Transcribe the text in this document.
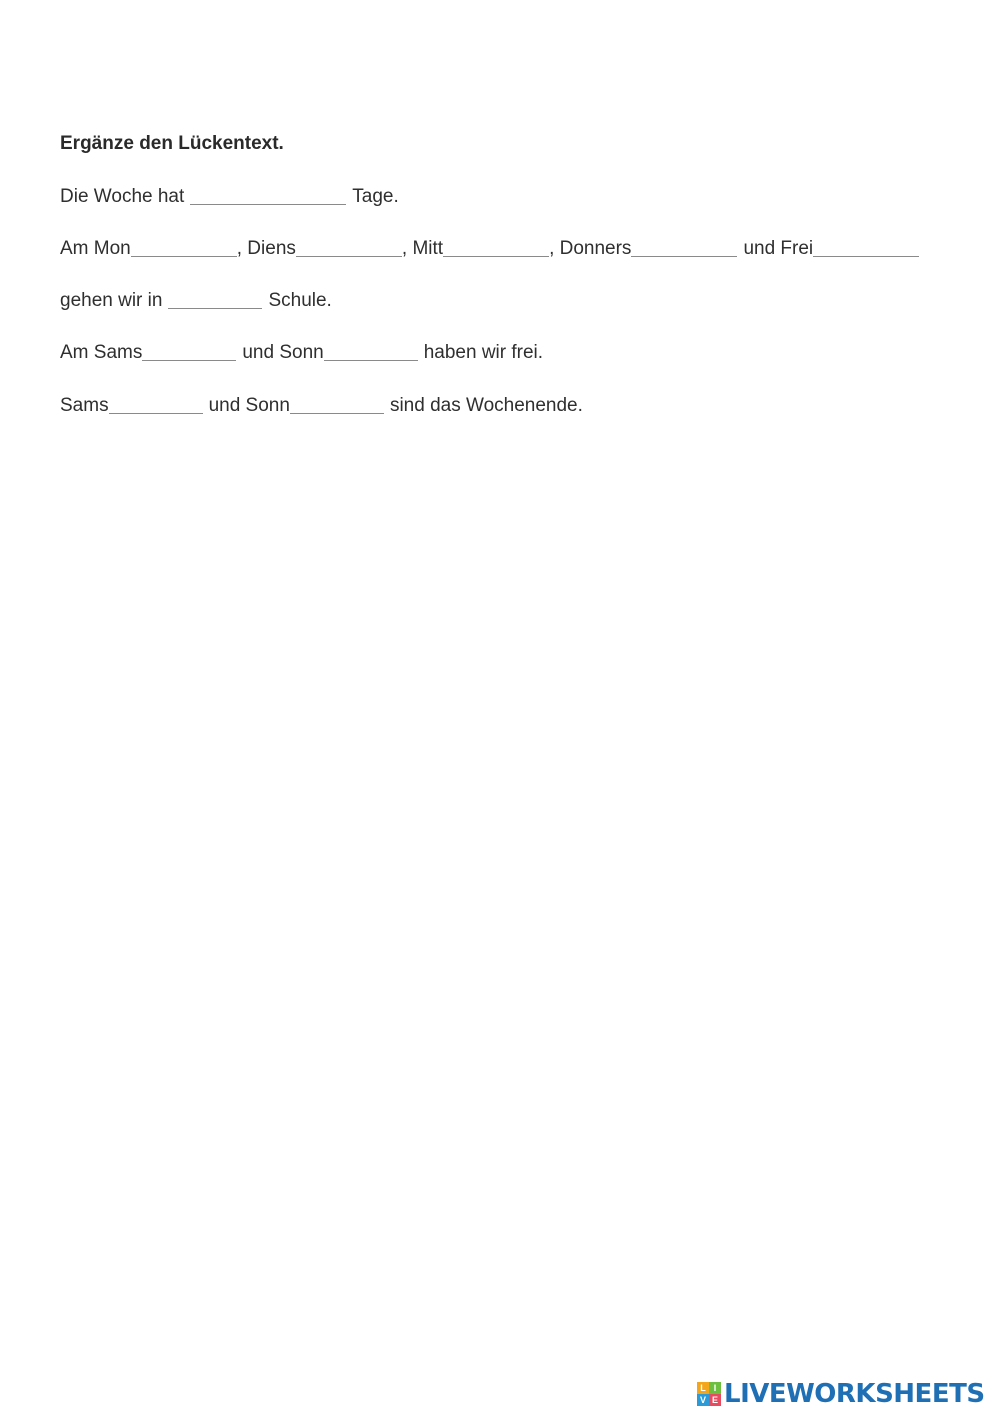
Ergänze den Lückentext.
Die Woche hat	Tage.
Am Mon	, Diens	, Mitt	, Donners	und Frei
gehen wir in	Schule.
Am Sams	und Sonn	haben wir frei.
Sams	und Sonn	sind das Wochenende.
L I
V E LIVEWORKSHEETS
